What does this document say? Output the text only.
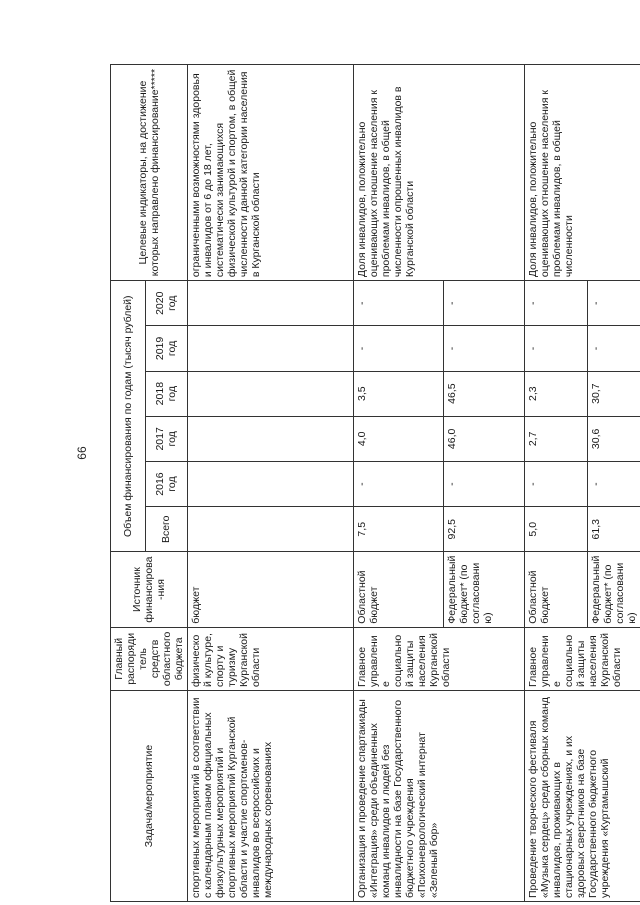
66
Задача/мероприятие	Главный распорядитель средств областного бюджета	Источник финансирова-ния	Объем финансирования по годам (тысяч рублей)						Целевые индикаторы, на достижение которых направлено финансирование*****
			Всего	2016 год	2017 год	2018 год	2019 год	2020 год	
спортивных мероприятий в соответствии с календарным планом официальных физкультурных мероприятий и спортивных мероприятий Курганской области и участие спортсменов-инвалидов во всероссийских и международных соревнованиях	физической культуре, спорту и туризму Курганской области	бюджет							ограниченными возможностями здоровья и инвалидов от 6 до 18 лет, систематически занимающихся физической культурой и спортом, в общей численности данной категории населения в Курганской области
Организация и проведение спартакиады «Интеграция» среди объединенных команд инвалидов и людей без инвалидности на базе Государственного бюджетного учреждения «Психоневрологический интернат «Зеленый бор»	Главное управление социальной защиты населения Курганской области	Областной бюджет	7,5	-	4,0	3,5	-	-	Доля инвалидов, положительно оценивающих отношение населения к проблемам инвалидов, в общей численности опрошенных инвалидов в Курганской области
		Федеральный бюджет* (по согласованию)	92,5	-	46,0	46,5	-	-	
Проведение творческого фестиваля «Музыка сердец» среди сборных команд инвалидов, проживающих в стационарных учреждениях, и их здоровых сверстников на базе Государственного бюджетного учреждения «Куртамышский	Главное управление социальной защиты населения Курганской области	Областной бюджет	5,0	-	2,7	2,3	-	-	Доля инвалидов, положительно оценивающих отношение населения к проблемам инвалидов, в общей численности
		Федеральный бюджет* (по согласованию)	61,3	-	30,6	30,7	-	-	
